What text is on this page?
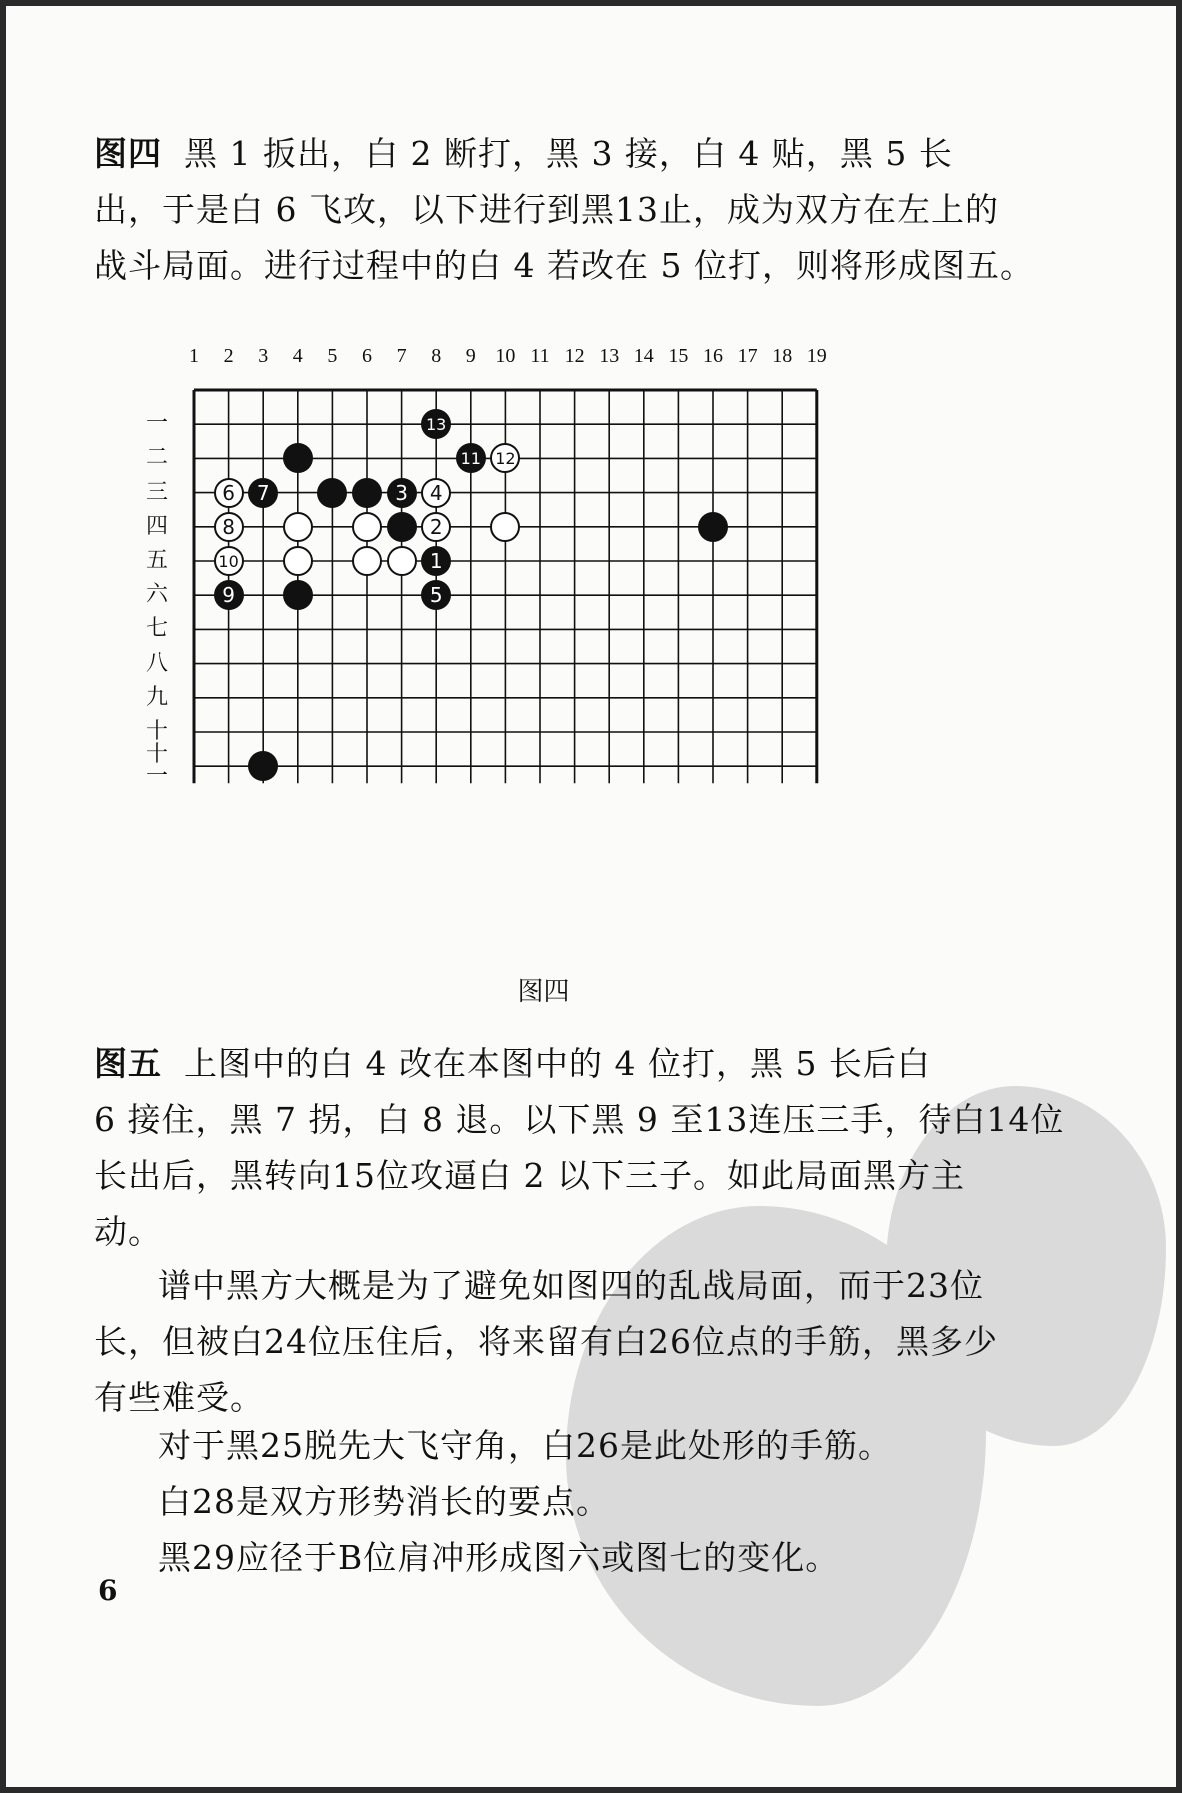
图四 黑 1 扳出，白 2 断打，黑 3 接，白 4 贴，黑 5 长
出，于是白 6 飞攻，以下进行到黑13止，成为双方在左上的
战斗局面。进行过程中的白 4 若改在 5 位打，则将形成图五。
1 2 3 4 5 6 7 8 9 10 11 12 13 14 15 16 17 18 19
一
二
三
四
五
六
七
八
九
十
十一
13
11 12
6	7	3	4
8	2
10	1
9	5
图四
图五 上图中的白 4 改在本图中的 4 位打，黑 5 长后白
6 接住，黑 7 拐，白 8 退。以下黑 9 至13连压三手，待白14位
长出后，黑转向15位攻逼白 2 以下三子。如此局面黑方主
动。
谱中黑方大概是为了避免如图四的乱战局面，而于23位
长，但被白24位压住后，将来留有白26位点的手筋，黑多少
有些难受。
对于黑25脱先大飞守角，白26是此处形的手筋。
白28是双方形势消长的要点。
黑29应径于B位肩冲形成图六或图七的变化。
6
